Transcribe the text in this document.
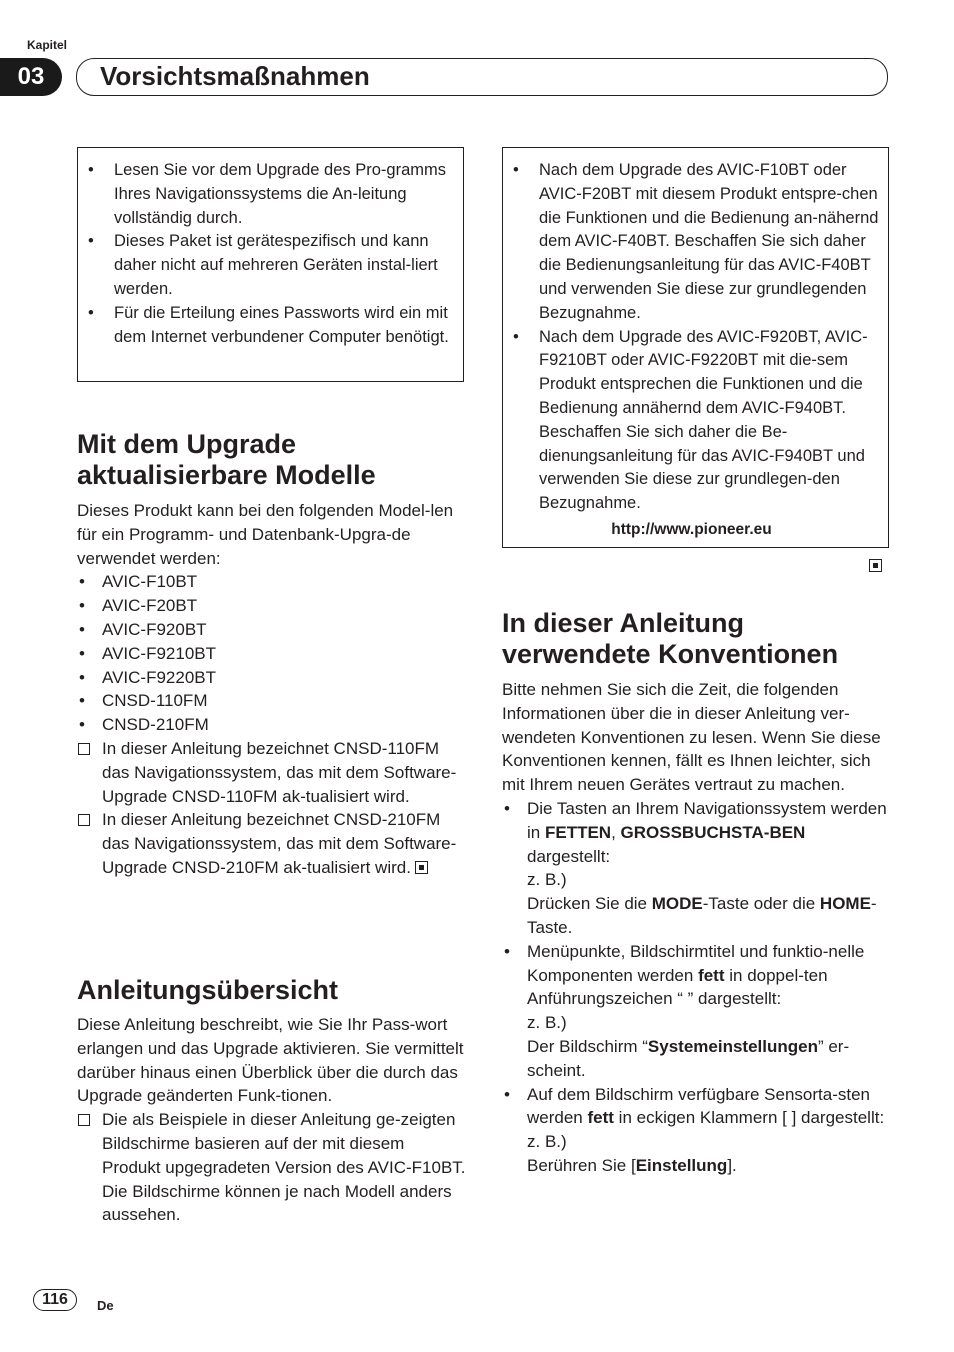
Kapitel
03	Vorsichtsmaßnahmen
• Lesen Sie vor dem Upgrade des Pro-gramms Ihres Navigationssystems die An-leitung vollständig durch.
• Dieses Paket ist gerätespezifisch und kann daher nicht auf mehreren Geräten instal-liert werden.
• Für die Erteilung eines Passworts wird ein mit dem Internet verbundener Computer benötigt.
Mit dem Upgrade aktualisierbare Modelle
Dieses Produkt kann bei den folgenden Model-len für ein Programm- und Datenbank-Upgra-de verwendet werden:
• AVIC-F10BT
• AVIC-F20BT
• AVIC-F920BT
• AVIC-F9210BT
• AVIC-F9220BT
• CNSD-110FM
• CNSD-210FM
In dieser Anleitung bezeichnet CNSD-110FM das Navigationssystem, das mit dem Software-Upgrade CNSD-110FM ak-tualisiert wird.
In dieser Anleitung bezeichnet CNSD-210FM das Navigationssystem, das mit dem Software-Upgrade CNSD-210FM ak-tualisiert wird.
Anleitungsübersicht
Diese Anleitung beschreibt, wie Sie Ihr Pass-wort erlangen und das Upgrade aktivieren. Sie vermittelt darüber hinaus einen Überblick über die durch das Upgrade geänderten Funk-tionen.
Die als Beispiele in dieser Anleitung ge-zeigten Bildschirme basieren auf der mit diesem Produkt upgegradeten Version des AVIC-F10BT. Die Bildschirme können je nach Modell anders aussehen.
• Nach dem Upgrade des AVIC-F10BT oder AVIC-F20BT mit diesem Produkt entspre-chen die Funktionen und die Bedienung an-nähernd dem AVIC-F40BT. Beschaffen Sie sich daher die Bedienungsanleitung für das AVIC-F40BT und verwenden Sie diese zur grundlegenden Bezugnahme.
• Nach dem Upgrade des AVIC-F920BT, AVIC-F9210BT oder AVIC-F9220BT mit die-sem Produkt entsprechen die Funktionen und die Bedienung annähernd dem AVIC-F940BT. Beschaffen Sie sich daher die Be-dienungsanleitung für das AVIC-F940BT und verwenden Sie diese zur grundlegen-den Bezugnahme.
http://www.pioneer.eu
In dieser Anleitung verwendete Konventionen
Bitte nehmen Sie sich die Zeit, die folgenden Informationen über die in dieser Anleitung ver-wendeten Konventionen zu lesen. Wenn Sie diese Konventionen kennen, fällt es Ihnen leichter, sich mit Ihrem neuen Gerätes vertraut zu machen.
• Die Tasten an Ihrem Navigationssystem werden in FETTEN, GROSSBUCHSTA-BEN dargestellt:
z. B.)
Drücken Sie die MODE-Taste oder die HOME-Taste.
• Menüpunkte, Bildschirmtitel und funktio-nelle Komponenten werden fett in doppel-ten Anführungszeichen “ ” dargestellt:
z. B.)
Der Bildschirm “Systemeinstellungen” er-scheint.
• Auf dem Bildschirm verfügbare Sensorta-sten werden fett in eckigen Klammern [ ] dargestellt:
z. B.)
Berühren Sie [Einstellung].
116	De
